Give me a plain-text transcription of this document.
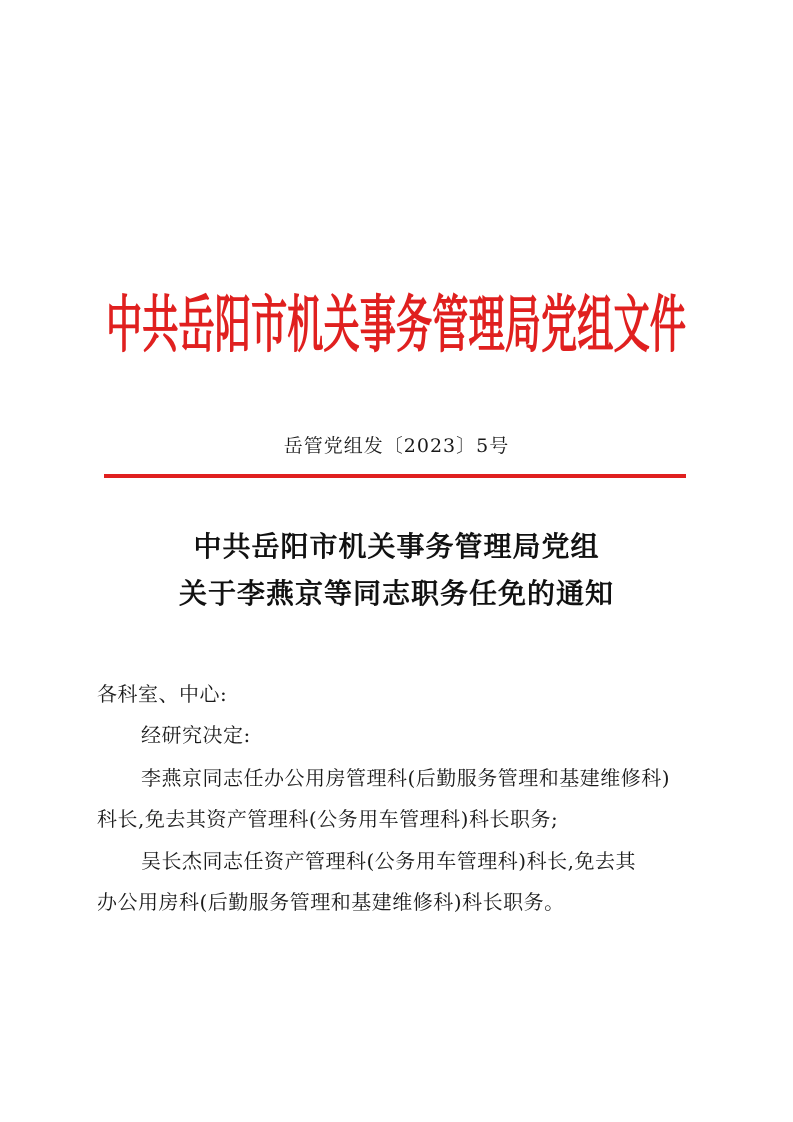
中共岳阳市机关事务管理局党组文件
岳管党组发〔2023〕5号
中共岳阳市机关事务管理局党组
关于李燕京等同志职务任免的通知
各科室、中心:
经研究决定:
李燕京同志任办公用房管理科(后勤服务管理和基建维修科)
科长,免去其资产管理科(公务用车管理科)科长职务;
吴长杰同志任资产管理科(公务用车管理科)科长,免去其
办公用房科(后勤服务管理和基建维修科)科长职务。
